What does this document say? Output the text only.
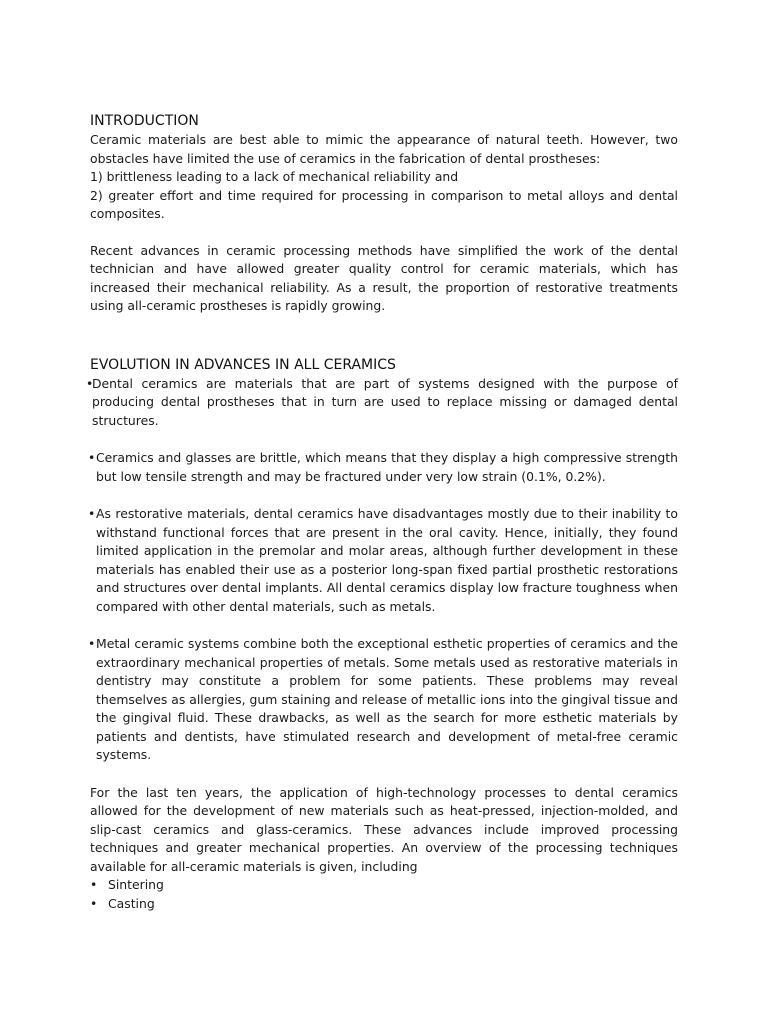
INTRODUCTION

Ceramic materials are best able to mimic the appearance of natural teeth. However, two obstacles have limited the use of ceramics in the fabrication of dental prostheses:

1) brittleness leading to a lack of mechanical reliability and

2) greater effort and time required for processing in comparison to metal alloys and dental composites.

Recent advances in ceramic processing methods have simplified the work of the dental technician and have allowed greater quality control for ceramic materials, which has increased their mechanical reliability. As a result, the proportion of restorative treatments using all-ceramic prostheses is rapidly growing.

EVOLUTION IN ADVANCES IN ALL CERAMICS

•
Dental ceramics are materials that are part of systems designed with the purpose of producing dental prostheses that in turn are used to replace missing or damaged dental structures.

• Ceramics and glasses are brittle, which means that they display a high compressive strength but low tensile strength and may be fractured under very low strain (0.1%, 0.2%).

• As restorative materials, dental ceramics have disadvantages mostly due to their inability to withstand functional forces that are present in the oral cavity. Hence, initially, they found limited application in the premolar and molar areas, although further development in these materials has enabled their use as a posterior long-span fixed partial prosthetic restorations and structures over dental implants. All dental ceramics display low fracture toughness when compared with other dental materials, such as metals.

• Metal ceramic systems combine both the exceptional esthetic properties of ceramics and the extraordinary mechanical properties of metals. Some metals used as restorative materials in dentistry may constitute a problem for some patients. These problems may reveal themselves as allergies, gum staining and release of metallic ions into the gingival tissue and the gingival fluid. These drawbacks, as well as the search for more esthetic materials by patients and dentists, have stimulated research and development of metal-free ceramic systems.

For the last ten years, the application of high-technology processes to dental ceramics allowed for the development of new materials such as heat-pressed, injection-molded, and slip-cast ceramics and glass-ceramics. These advances include improved processing techniques and greater mechanical properties. An overview of the processing techniques available for all-ceramic materials is given, including

• Sintering
• Casting
